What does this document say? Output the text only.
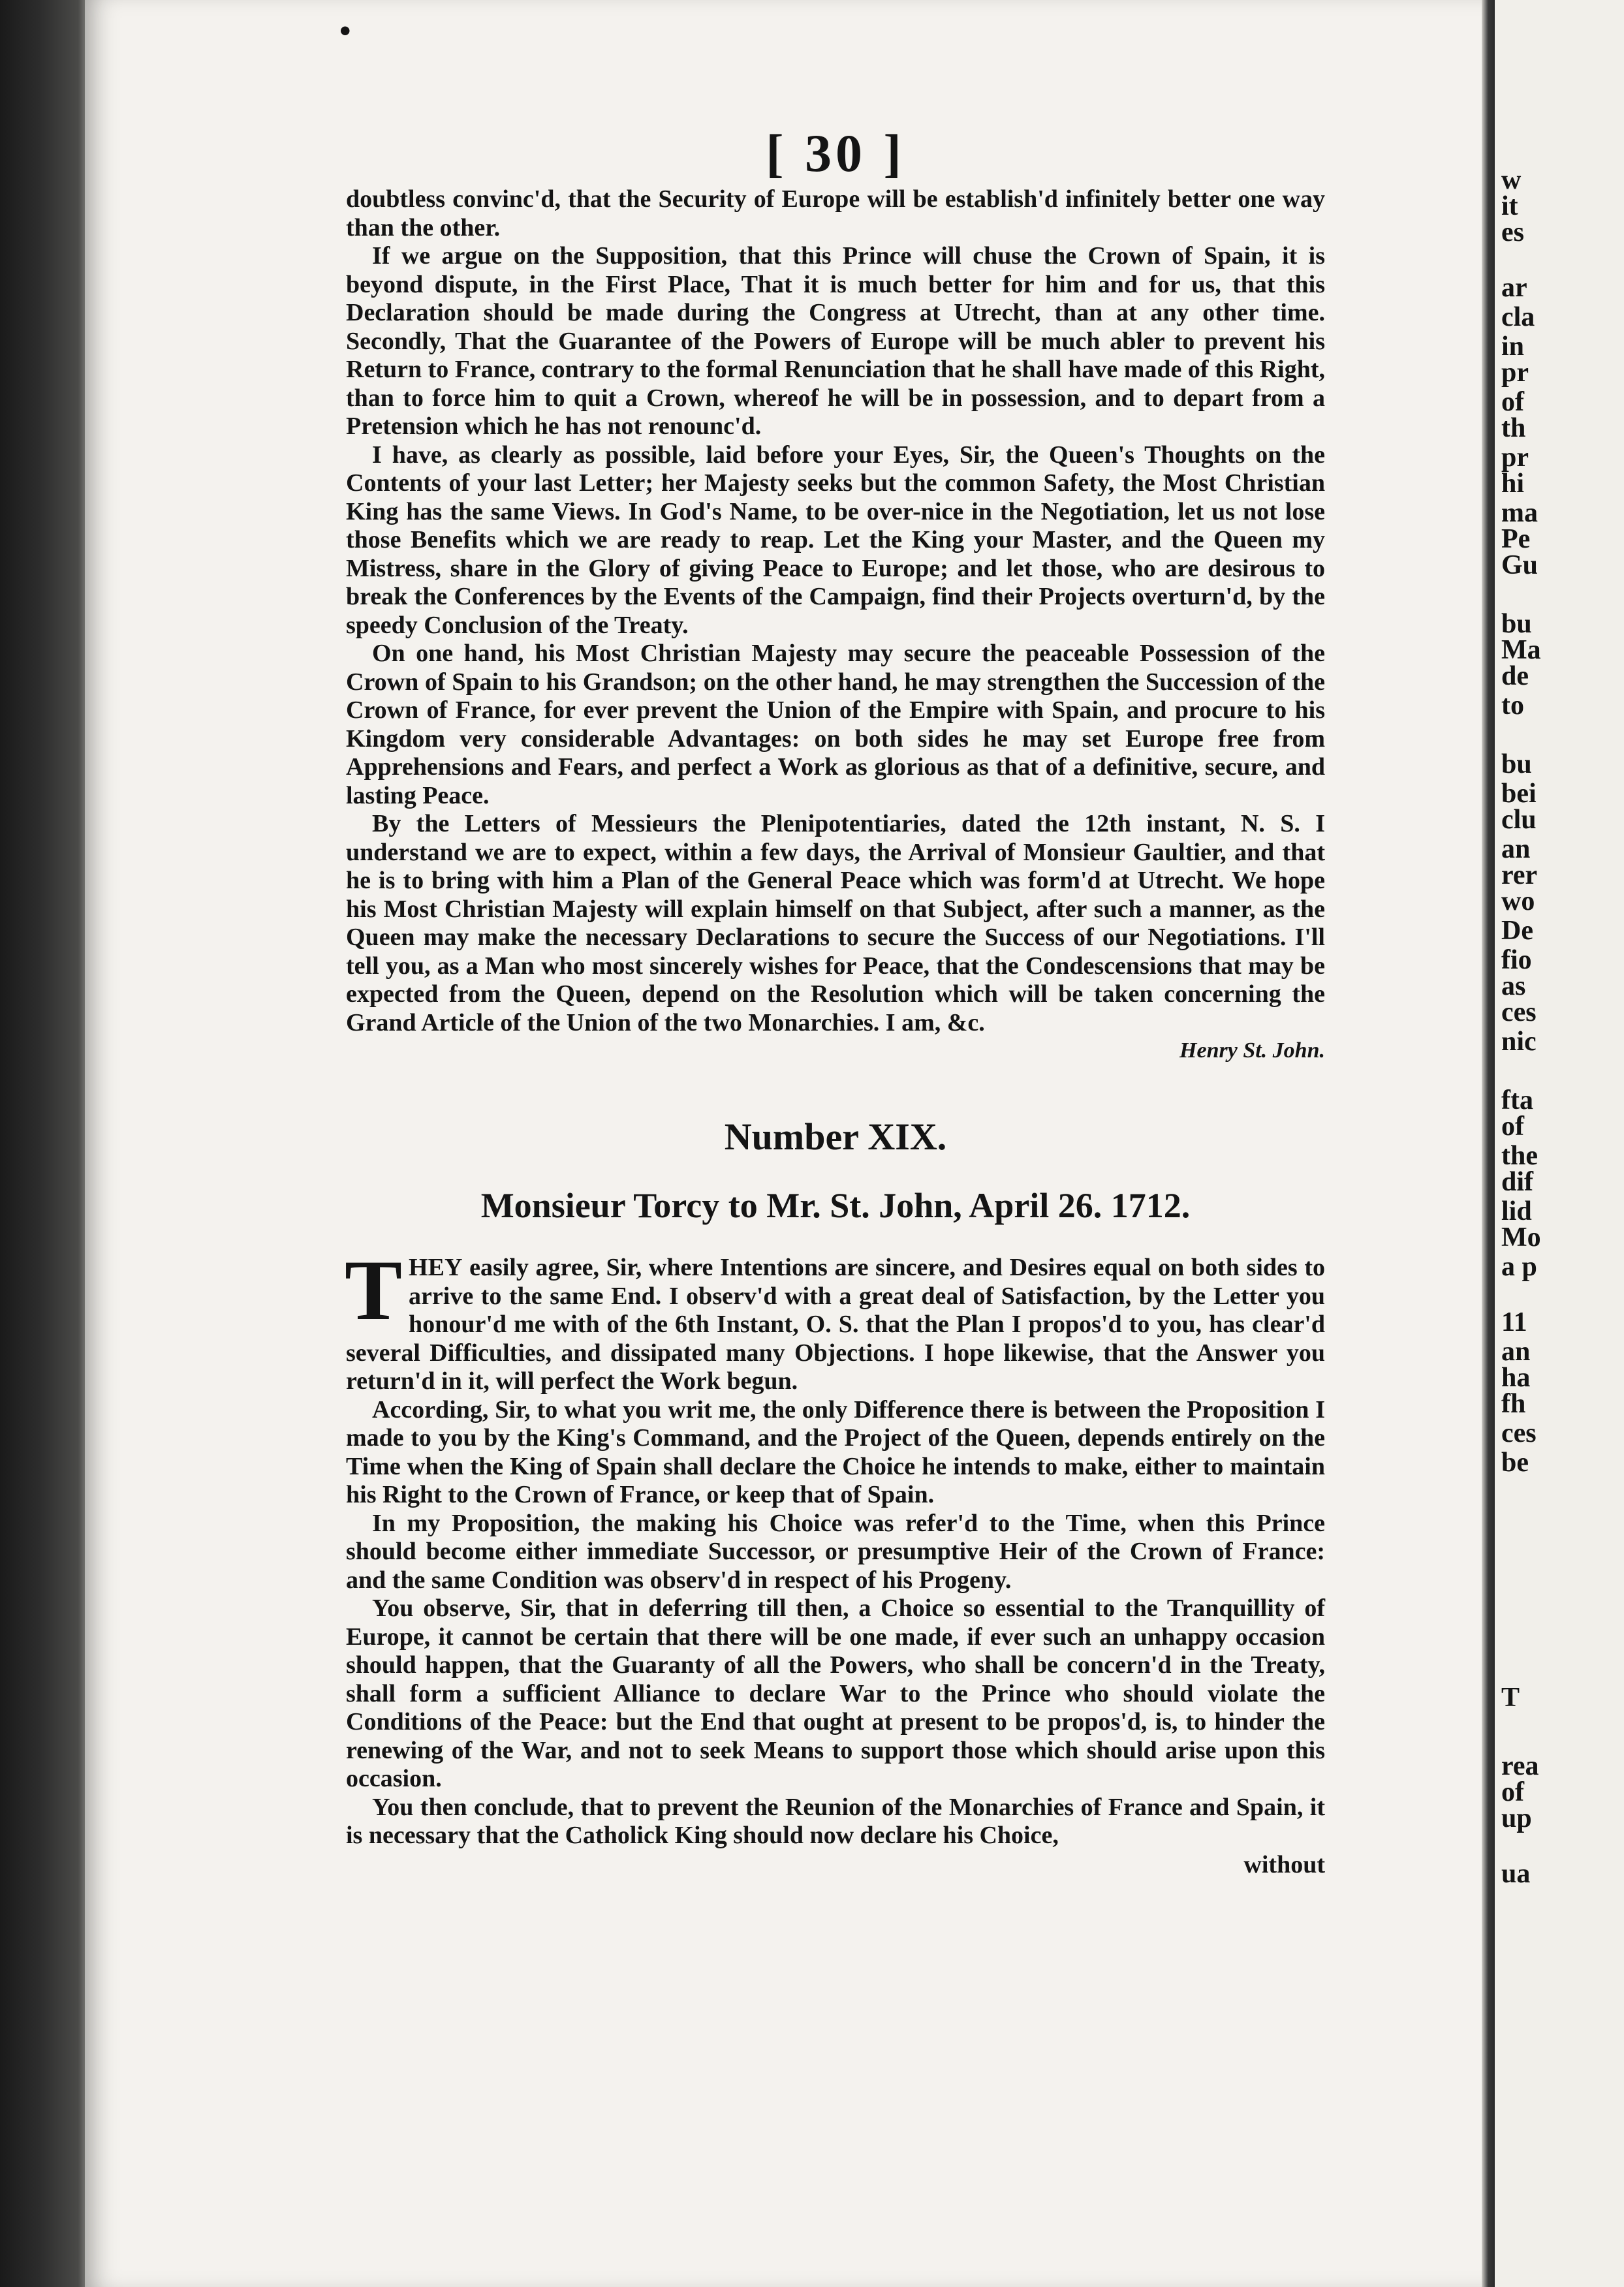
•
w
it
es
ar
cla
in
pr
of
th
pr
hi
ma
Pe
Gu
bu
Ma
de
to
bu
bei
clu
an
rer
wo
De
fio
as
ces
nic
fta
of
the
dif
lid
Mo
a p
11
an
ha
fh
ces
be
T
rea
of
up
ua
[ 30 ]

doubtless convinc'd, that the Security of Europe will be establish'd infinitely better one way than the other.

If we argue on the Supposition, that this Prince will chuse the Crown of Spain, it is beyond dispute, in the First Place, That it is much better for him and for us, that this Declaration should be made during the Congress at Utrecht, than at any other time. Secondly, That the Guarantee of the Powers of Europe will be much abler to prevent his Return to France, contrary to the formal Renunciation that he shall have made of this Right, than to force him to quit a Crown, whereof he will be in possession, and to depart from a Pretension which he has not renounc'd.

I have, as clearly as possible, laid before your Eyes, Sir, the Queen's Thoughts on the Contents of your last Letter; her Majesty seeks but the common Safety, the Most Christian King has the same Views. In God's Name, to be over-nice in the Negotiation, let us not lose those Benefits which we are ready to reap. Let the King your Master, and the Queen my Mistress, share in the Glory of giving Peace to Europe; and let those, who are desirous to break the Conferences by the Events of the Campaign, find their Projects overturn'd, by the speedy Conclusion of the Treaty.

On one hand, his Most Christian Majesty may secure the peaceable Possession of the Crown of Spain to his Grandson; on the other hand, he may strengthen the Succession of the Crown of France, for ever prevent the Union of the Empire with Spain, and procure to his Kingdom very considerable Advantages: on both sides he may set Europe free from Apprehensions and Fears, and perfect a Work as glorious as that of a definitive, secure, and lasting Peace.

By the Letters of Messieurs the Plenipotentiaries, dated the 12th instant, N. S. I understand we are to expect, within a few days, the Arrival of Monsieur Gaultier, and that he is to bring with him a Plan of the General Peace which was form'd at Utrecht. We hope his Most Christian Majesty will explain himself on that Subject, after such a manner, as the Queen may make the necessary Declarations to secure the Success of our Negotiations. I'll tell you, as a Man who most sincerely wishes for Peace, that the Condescensions that may be expected from the Queen, depend on the Resolution which will be taken concerning the Grand Article of the Union of the two Monarchies. I am, &c.

Henry St. John.
Number XIX.
Monsieur Torcy to Mr. St. John, April 26. 1712.

THEY easily agree, Sir, where Intentions are sincere, and Desires equal on both sides to arrive to the same End. I observ'd with a great deal of Satisfaction, by the Letter you honour'd me with of the 6th Instant, O. S. that the Plan I propos'd to you, has clear'd several Difficulties, and dissipated many Objections. I hope likewise, that the Answer you return'd in it, will perfect the Work begun.

According, Sir, to what you writ me, the only Difference there is between the Proposition I made to you by the King's Command, and the Project of the Queen, depends entirely on the Time when the King of Spain shall declare the Choice he intends to make, either to maintain his Right to the Crown of France, or keep that of Spain.

In my Proposition, the making his Choice was refer'd to the Time, when this Prince should become either immediate Successor, or presumptive Heir of the Crown of France: and the same Condition was observ'd in respect of his Progeny.

You observe, Sir, that in deferring till then, a Choice so essential to the Tranquillity of Europe, it cannot be certain that there will be one made, if ever such an unhappy occasion should happen, that the Guaranty of all the Powers, who shall be concern'd in the Treaty, shall form a sufficient Alliance to declare War to the Prince who should violate the Conditions of the Peace: but the End that ought at present to be propos'd, is, to hinder the renewing of the War, and not to seek Means to support those which should arise upon this occasion.

You then conclude, that to prevent the Reunion of the Monarchies of France and Spain, it is necessary that the Catholick King should now declare his Choice,

without
